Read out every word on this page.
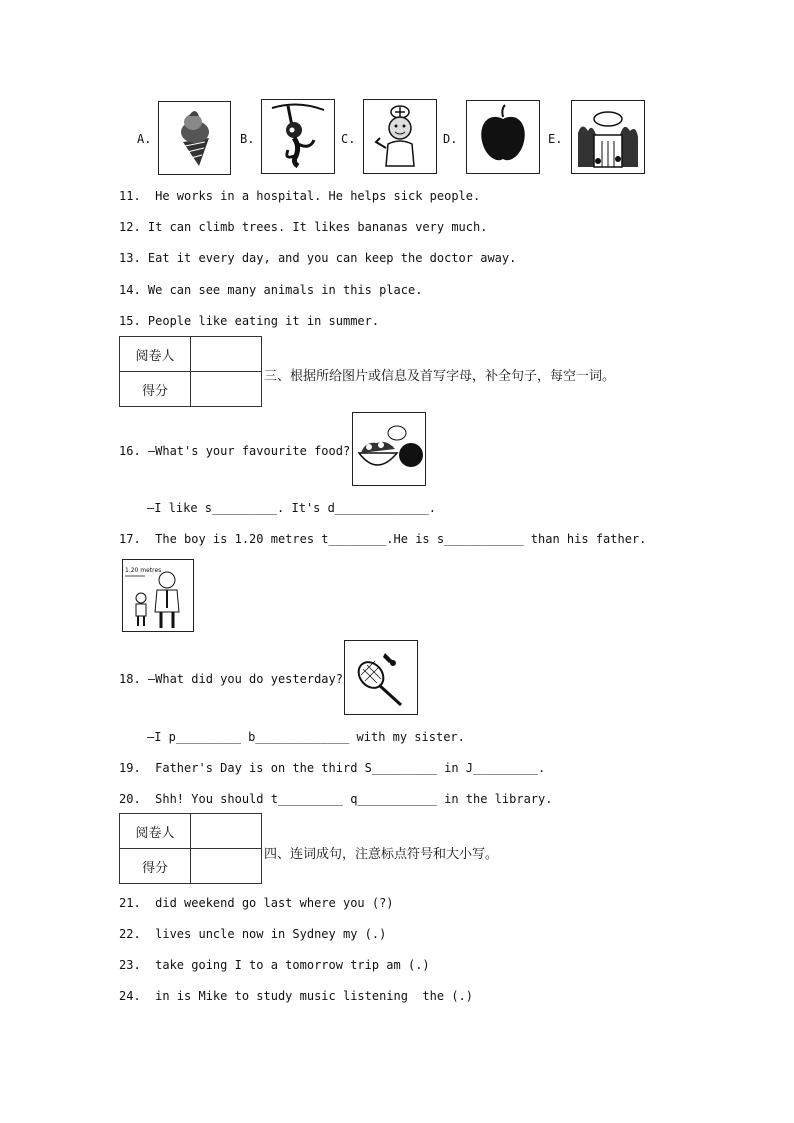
A.	B.	C.	D.	E.
11.  He works in a hospital. He helps sick people.
12. It can climb trees. It likes bananas very much.
13. Eat it every day, and you can keep the doctor away.
14. We can see many animals in this place.
15. People like eating it in summer.
阅卷人	
得分	
三、根据所给图片或信息及首写字母，补全句子，每空一词。
16. —What's your favourite food?
—I like s_________. It's d_____________.
17.  The boy is 1.20 metres t________.He is s___________ than his father.
1.20 metres
18. —What did you do yesterday?
—I p_________ b_____________ with my sister.
19.  Father's Day is on the third S_________ in J_________.
20.  Shh! You should t_________ q___________ in the library.
阅卷人	
得分	
四、连词成句，注意标点符号和大小写。
21.  did weekend go last where you (?)
22.  lives uncle now in Sydney my (.)
23.  take going I to a tomorrow trip am (.)
24.  in is Mike to study music listening  the (.)
